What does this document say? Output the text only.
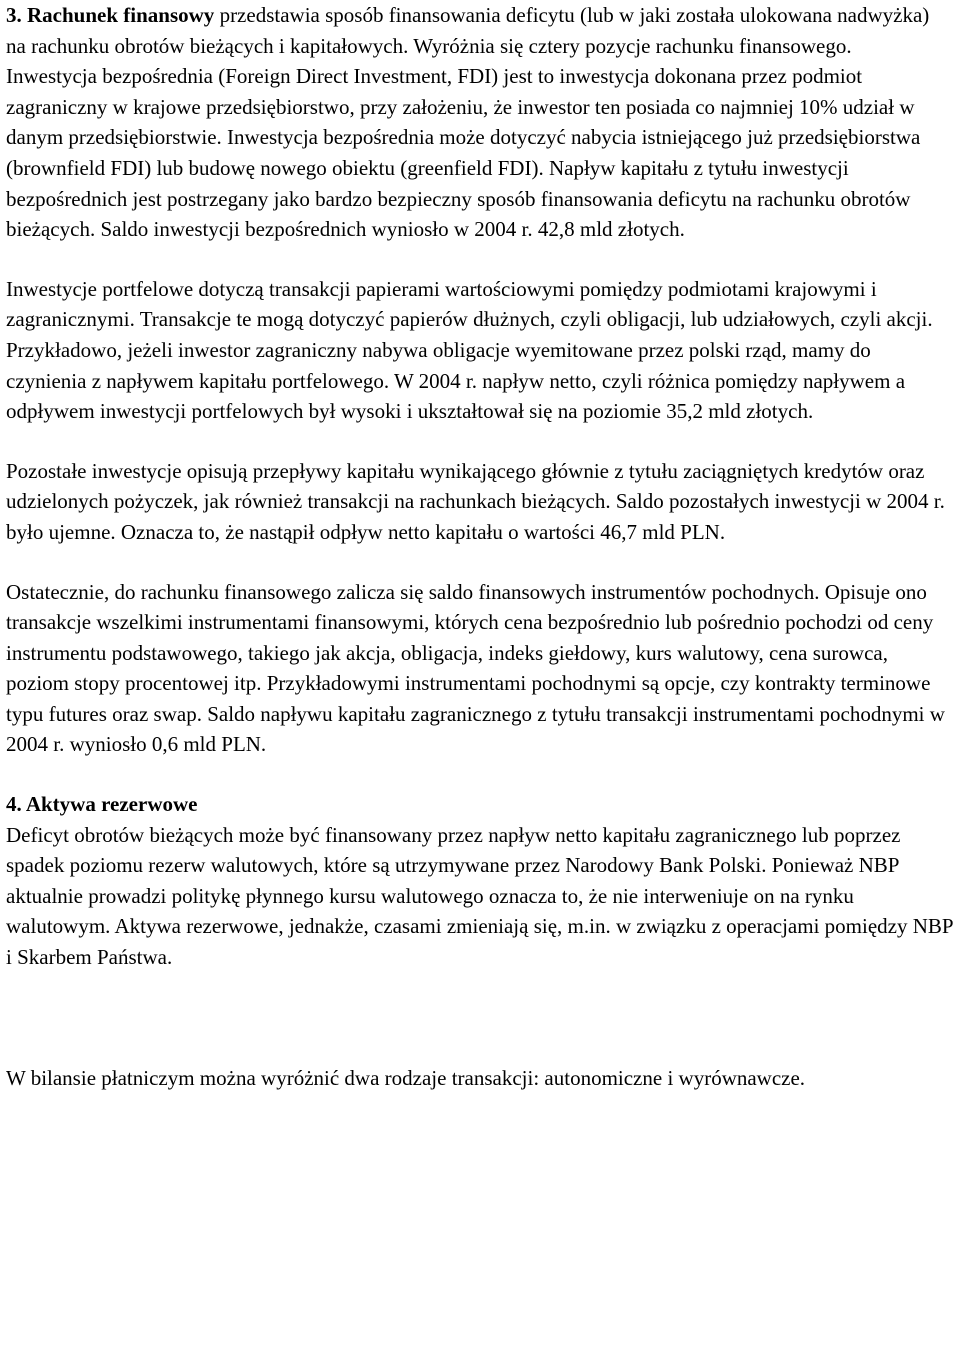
3. Rachunek finansowy przedstawia sposób finansowania deficytu (lub w jaki została ulokowana nadwyżka) na rachunku obrotów bieżących i kapitałowych. Wyróżnia się cztery pozycje rachunku finansowego.

Inwestycja bezpośrednia (Foreign Direct Investment, FDI) jest to inwestycja dokonana przez podmiot zagraniczny w krajowe przedsiębiorstwo, przy założeniu, że inwestor ten posiada co najmniej 10% udział w danym przedsiębiorstwie. Inwestycja bezpośrednia może dotyczyć nabycia istniejącego już przedsiębiorstwa (brownfield FDI) lub budowę nowego obiektu (greenfield FDI). Napływ kapitału z tytułu inwestycji bezpośrednich jest postrzegany jako bardzo bezpieczny sposób finansowania deficytu na rachunku obrotów bieżących. Saldo inwestycji bezpośrednich wyniosło w 2004 r. 42,8 mld złotych.

Inwestycje portfelowe dotyczą transakcji papierami wartościowymi pomiędzy podmiotami krajowymi i zagranicznymi. Transakcje te mogą dotyczyć papierów dłużnych, czyli obligacji, lub udziałowych, czyli akcji. Przykładowo, jeżeli inwestor zagraniczny nabywa obligacje wyemitowane przez polski rząd, mamy do czynienia z napływem kapitału portfelowego. W 2004 r. napływ netto, czyli różnica pomiędzy napływem a odpływem inwestycji portfelowych był wysoki i ukształtował się na poziomie 35,2 mld złotych.

Pozostałe inwestycje opisują przepływy kapitału wynikającego głównie z tytułu zaciągniętych kredytów oraz udzielonych pożyczek, jak również transakcji na rachunkach bieżących. Saldo pozostałych inwestycji w 2004 r. było ujemne. Oznacza to, że nastąpił odpływ netto kapitału o wartości 46,7 mld PLN.

Ostatecznie, do rachunku finansowego zalicza się saldo finansowych instrumentów pochodnych. Opisuje ono transakcje wszelkimi instrumentami finansowymi, których cena bezpośrednio lub pośrednio pochodzi od ceny instrumentu podstawowego, takiego jak akcja, obligacja, indeks giełdowy, kurs walutowy, cena surowca, poziom stopy procentowej itp. Przykładowymi instrumentami pochodnymi są opcje, czy kontrakty terminowe typu futures oraz swap. Saldo napływu kapitału zagranicznego z tytułu transakcji instrumentami pochodnymi w 2004 r. wyniosło 0,6 mld PLN.

4. Aktywa rezerwowe

Deficyt obrotów bieżących może być finansowany przez napływ netto kapitału zagranicznego lub poprzez spadek poziomu rezerw walutowych, które są utrzymywane przez Narodowy Bank Polski. Ponieważ NBP aktualnie prowadzi politykę płynnego kursu walutowego oznacza to, że nie interweniuje on na rynku walutowym. Aktywa rezerwowe, jednakże, czasami zmieniają się, m.in. w związku z operacjami pomiędzy NBP i Skarbem Państwa.

W bilansie płatniczym można wyróżnić dwa rodzaje transakcji: autonomiczne i wyrównawcze.
